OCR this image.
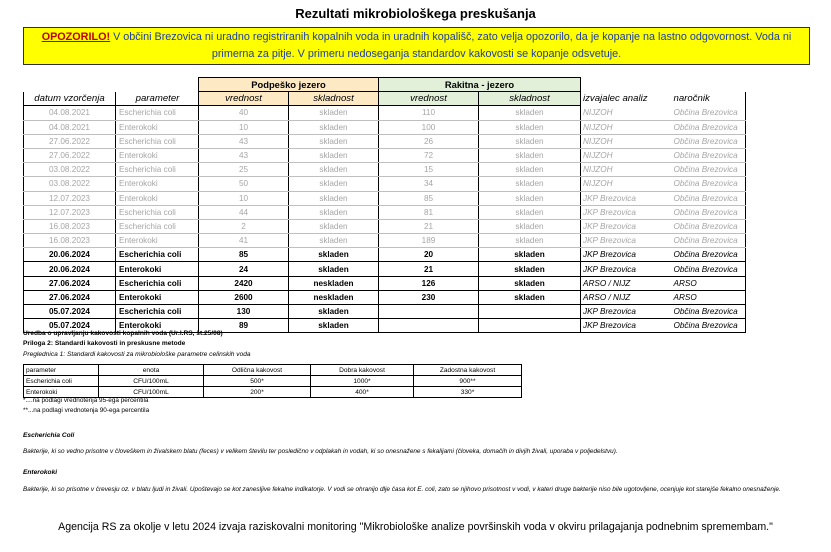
Rezultati mikrobiološkega preskušanja
OPOZORILO! V občini Brezovica ni uradno registriranih kopalnih voda in uradnih kopališč, zato velja opozorilo, da je kopanje na lastno odgovornost. Voda ni primerna za pitje. V primeru nedoseganja standardov kakovosti se kopanje odsvetuje.
		Podpeško jezero		Rakitna - jezero			
datum vzorčenja	parameter	vrednost	skladnost	vrednost	skladnost	izvajalec analiz	naročnik
04.08.2021	Escherichia coli	40	skladen	110	skladen	NIJZOH	Občina Brezovica
04.08.2021	Enterokoki	10	skladen	100	skladen	NIJZOH	Občina Brezovica
27.06.2022	Escherichia coli	43	skladen	26	skladen	NIJZOH	Občina Brezovica
27.06.2022	Enterokoki	43	skladen	72	skladen	NIJZOH	Občina Brezovica
03.08.2022	Escherichia coli	25	skladen	15	skladen	NIJZOH	Občina Brezovica
03.08.2022	Enterokoki	50	skladen	34	skladen	NIJZOH	Občina Brezovica
12.07.2023	Enterokoki	10	skladen	85	skladen	JKP Brezovica	Občina Brezovica
12.07.2023	Escherichia coli	44	skladen	81	skladen	JKP Brezovica	Občina Brezovica
16.08.2023	Escherichia coli	2	skladen	21	skladen	JKP Brezovica	Občina Brezovica
16.08.2023	Enterokoki	41	skladen	189	skladen	JKP Brezovica	Občina Brezovica
20.06.2024	Escherichia coli	85	skladen	20	skladen	JKP Brezovica	Občina Brezovica
20.06.2024	Enterokoki	24	skladen	21	skladen	JKP Brezovica	Občina Brezovica
27.06.2024	Escherichia coli	2420	neskladen	126	skladen	ARSO / NIJZ	ARSO
27.06.2024	Enterokoki	2600	neskladen	230	skladen	ARSO / NIJZ	ARSO
05.07.2024	Escherichia coli	130	skladen			JKP Brezovica	Občina Brezovica
05.07.2024	Enterokoki	89	skladen			JKP Brezovica	Občina Brezovica
Uredba o upravljanju kakovosti kopalnih voda (Ur.l.RS, št.25/08)
Priloga 2: Standardi kakovosti in preskusne metode
Preglednica 1: Standardi kakovosti za mikrobiološke parametre celinskih voda
parameter	enota	Odlična kakovost	Dobra kakovost	Zadostna kakovost
Escherichia coli	CFU/100mL	500*	1000*	900**
Enterokoki	CFU/100mL	200*	400*	330*
*....na podlagi vrednotenja 95-ega percentila
**...na podlagi vrednotenja 90-ega percentila
Escherichia Coli
Bakterije, ki so vedno prisotne v človeškem in živalskem blatu (feces) v velikem številu ter posledično v odplakah in vodah, ki so onesnažene s fekalijami (človeka, domačih in divjih živali, uporaba v poljedelstvu).
Enterokoki
Bakterije, ki so prisotne v črevesju oz. v blatu ljudi in živali. Upoštevajo se kot zanesljive fekalne indikatorje. V vodi se ohranijo dlje časa kot E. coli, zato se njihovo prisotnost v vodi, v kateri druge bakterije niso bile ugotovljene, ocenjuje kot starejše fekalno onesnaženje.
Agencija RS za okolje v letu 2024 izvaja raziskovalni monitoring "Mikrobiološke analize površinskih voda v okviru prilagajanja podnebnim spremembam."
